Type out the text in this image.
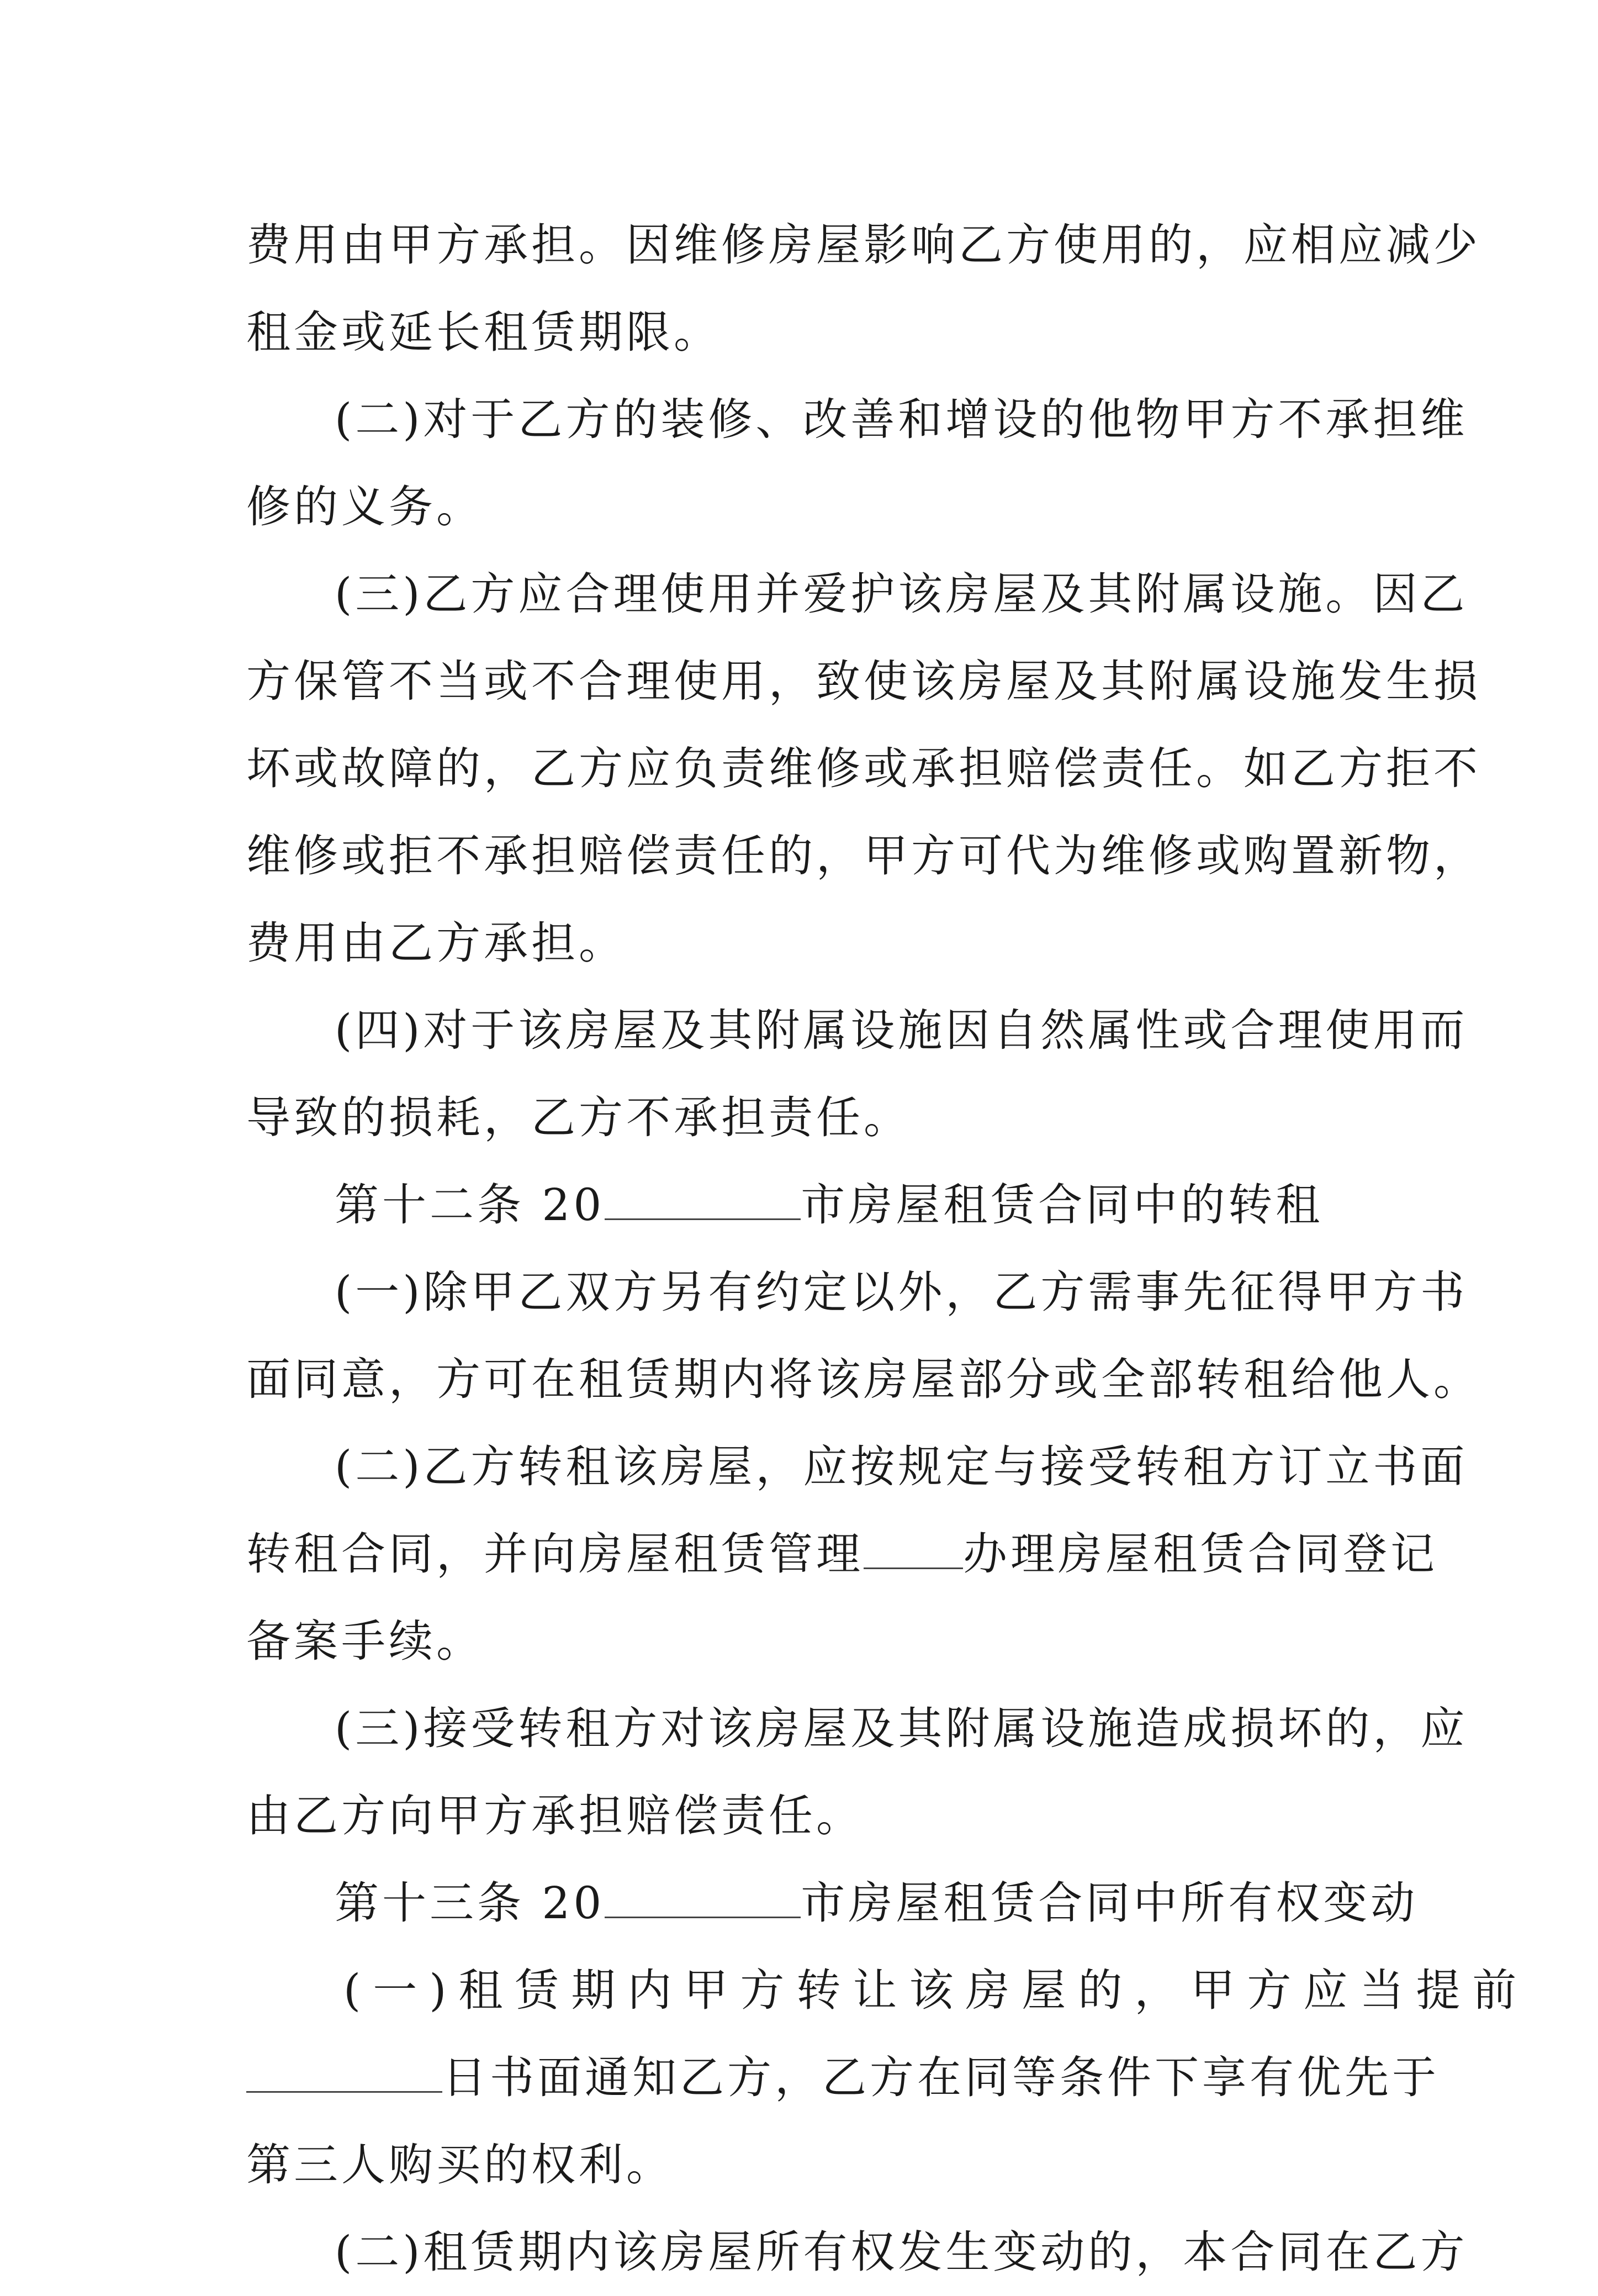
费用由甲方承担。因维修房屋影响乙方使用的，应相应减少
租金或延长租赁期限。

(二)对于乙方的装修、改善和增设的他物甲方不承担维
修的义务。

(三)乙方应合理使用并爱护该房屋及其附属设施。因乙
方保管不当或不合理使用，致使该房屋及其附属设施发生损
坏或故障的，乙方应负责维修或承担赔偿责任。如乙方拒不
维修或拒不承担赔偿责任的，甲方可代为维修或购置新物，
费用由乙方承担。

(四)对于该房屋及其附属设施因自然属性或合理使用而
导致的损耗，乙方不承担责任。

第十二条 20	市房屋租赁合同中的转租

(一)除甲乙双方另有约定以外，乙方需事先征得甲方书
面同意，方可在租赁期内将该房屋部分或全部转租给他人。

(二)乙方转租该房屋，应按规定与接受转租方订立书面
转租合同，并向房屋租赁管理 办理房屋租赁合同登记
备案手续。

(三)接受转租方对该房屋及其附属设施造成损坏的，应
由乙方向甲方承担赔偿责任。

第十三条 20	市房屋租赁合同中所有权变动

(一)租赁期内甲方转让该房屋的，甲方应当提前
日书面通知乙方，乙方在同等条件下享有优先于
第三人购买的权利。

(二)租赁期内该房屋所有权发生变动的，本合同在乙方
